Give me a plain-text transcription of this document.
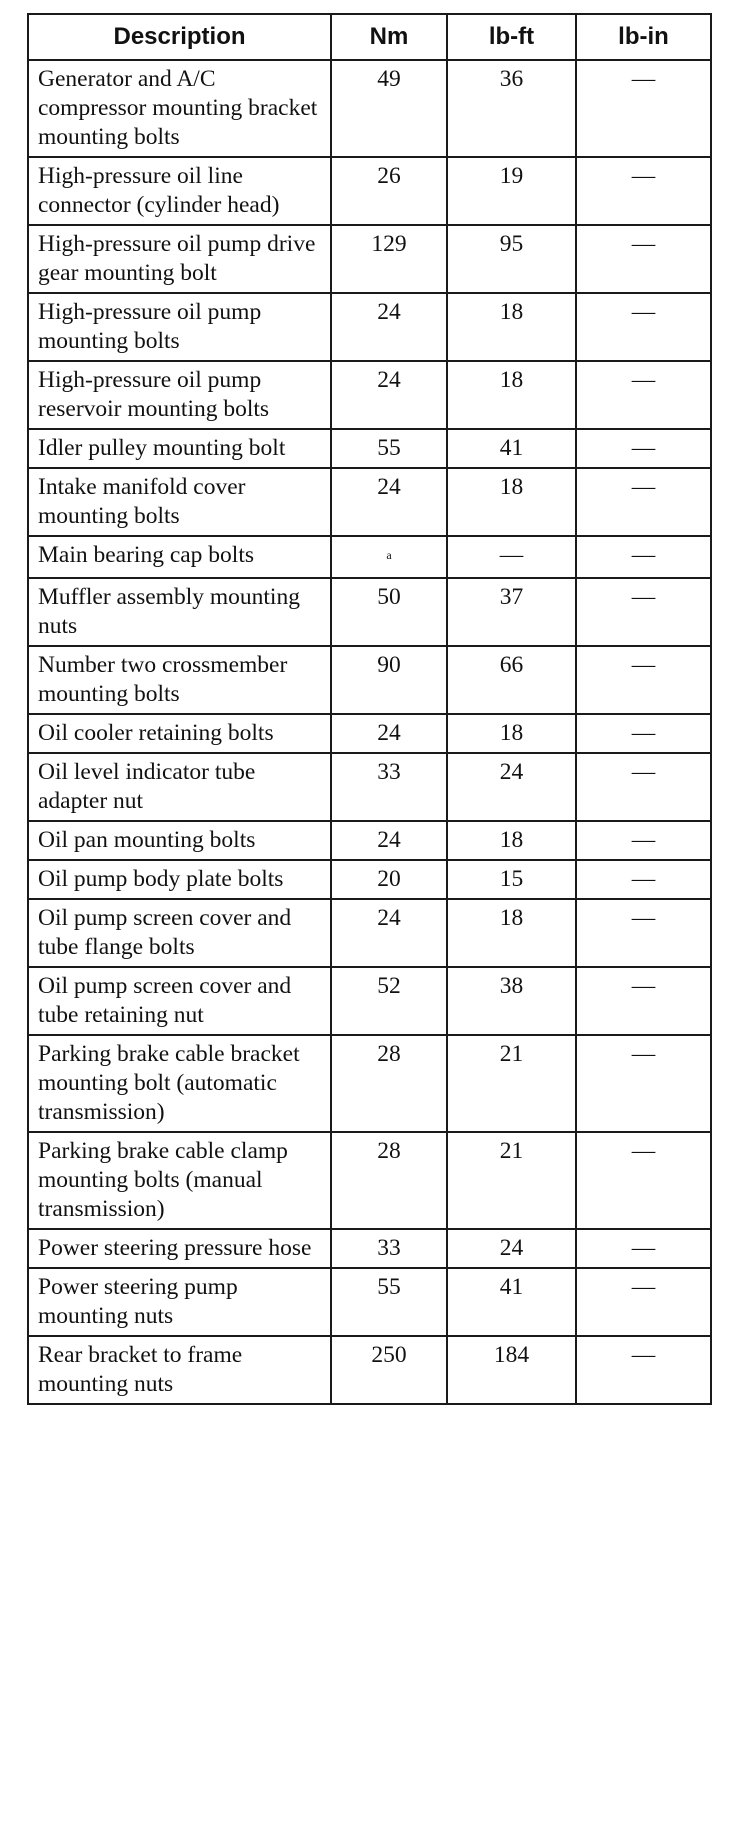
Description	Nm	lb-ft	lb-in
Generator and A/C compressor mounting bracket mounting bolts	49	36	—
High-pressure oil line connector (cylinder head)	26	19	—
High-pressure oil pump drive gear mounting bolt	129	95	—
High-pressure oil pump mounting bolts	24	18	—
High-pressure oil pump reservoir mounting bolts	24	18	—
Idler pulley mounting bolt	55	41	—
Intake manifold cover mounting bolts	24	18	—
Main bearing cap bolts	$^a$	—	—
Muffler assembly mounting nuts	50	37	—
Number two crossmember mounting bolts	90	66	—
Oil cooler retaining bolts	24	18	—
Oil level indicator tube adapter nut	33	24	—
Oil pan mounting bolts	24	18	—
Oil pump body plate bolts	20	15	—
Oil pump screen cover and tube flange bolts	24	18	—
Oil pump screen cover and tube retaining nut	52	38	—
Parking brake cable bracket mounting bolt (automatic transmission)	28	21	—
Parking brake cable clamp mounting bolts (manual transmission)	28	21	—
Power steering pressure hose	33	24	—
Power steering pump mounting nuts	55	41	—
Rear bracket to frame mounting nuts	250	184	—
